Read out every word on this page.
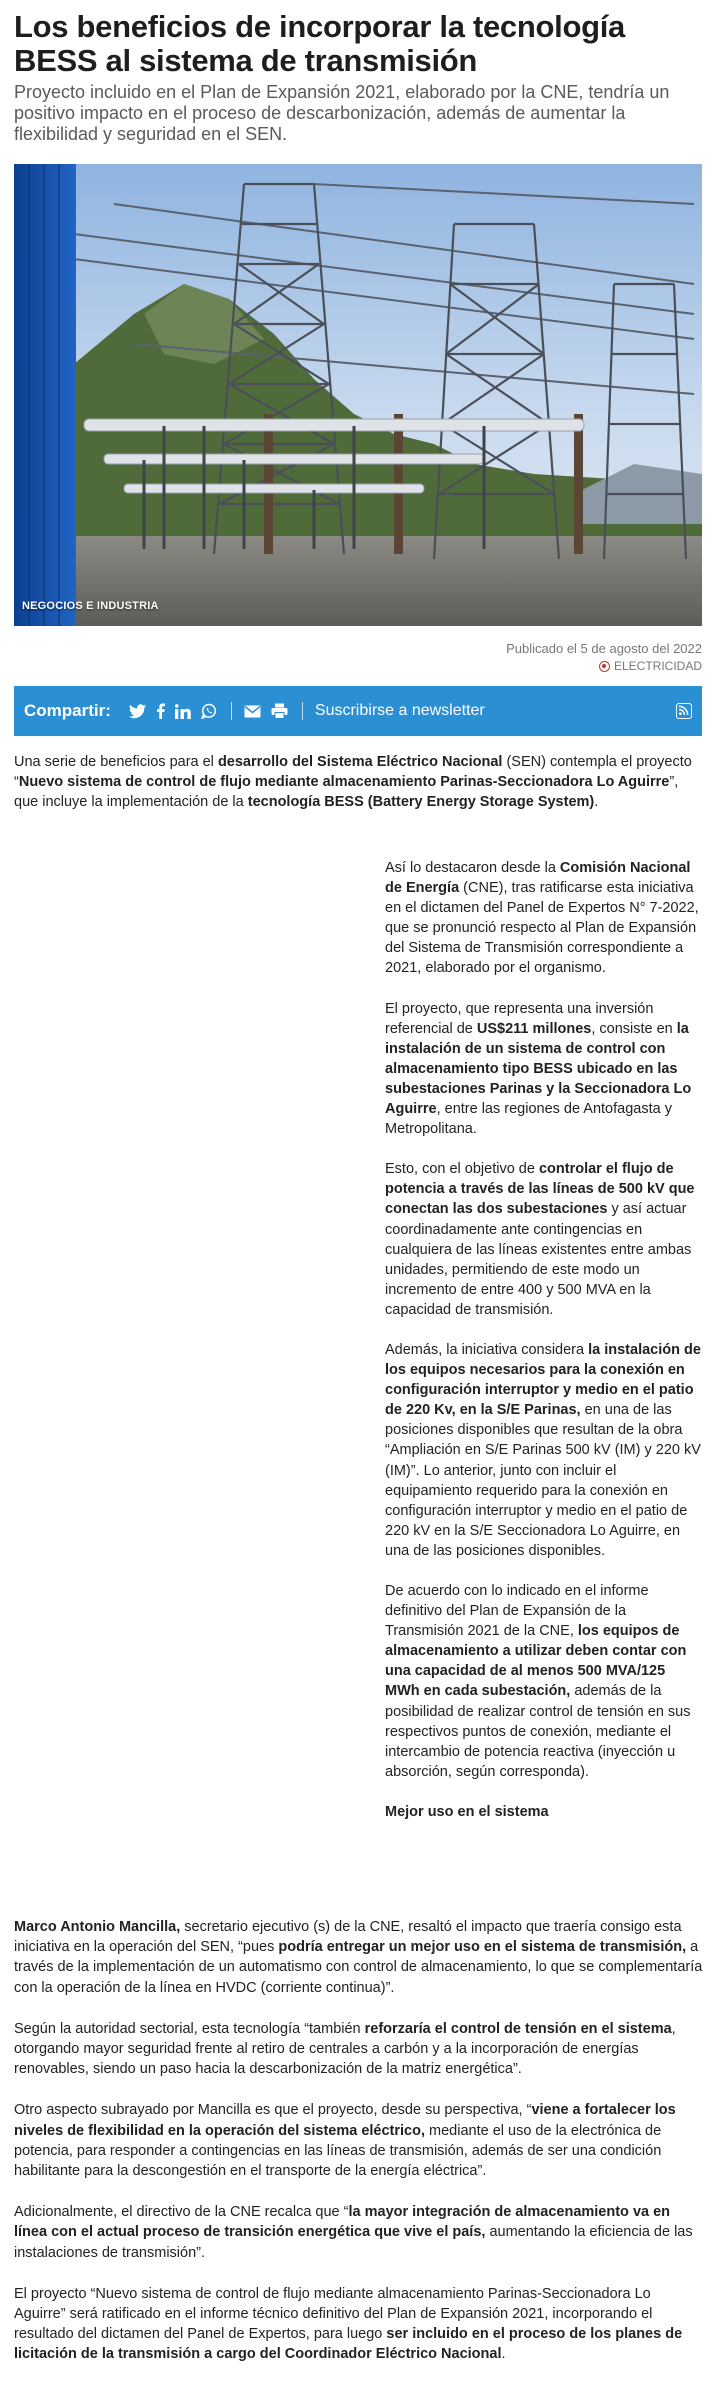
Los beneficios de incorporar la tecnología BESS al sistema de transmisión

Proyecto incluido en el Plan de Expansión 2021, elaborado por la CNE, tendría un positivo impacto en el proceso de descarbonización, además de aumentar la flexibilidad y seguridad en el SEN.

NEGOCIOS E INDUSTRIA
Publicado el 5 de agosto del 2022
ELECTRICIDAD
Compartir:	Suscribirse a newsletter

Una serie de beneficios para el desarrollo del Sistema Eléctrico Nacional (SEN) contempla el proyecto “Nuevo sistema de control de flujo mediante almacenamiento Parinas-Seccionadora Lo Aguirre”, que incluye la implementación de la tecnología BESS (Battery Energy Storage System).

Así lo destacaron desde la Comisión Nacional de Energía (CNE), tras ratificarse esta iniciativa en el dictamen del Panel de Expertos N° 7-2022, que se pronunció respecto al Plan de Expansión del Sistema de Transmisión correspondiente a 2021, elaborado por el organismo.

El proyecto, que representa una inversión referencial de US$211 millones, consiste en la instalación de un sistema de control con almacenamiento tipo BESS ubicado en las subestaciones Parinas y la Seccionadora Lo Aguirre, entre las regiones de Antofagasta y Metropolitana.

Esto, con el objetivo de controlar el flujo de potencia a través de las líneas de 500 kV que conectan las dos subestaciones y así actuar coordinadamente ante contingencias en cualquiera de las líneas existentes entre ambas unidades, permitiendo de este modo un incremento de entre 400 y 500 MVA en la capacidad de transmisión.

Además, la iniciativa considera la instalación de los equipos necesarios para la conexión en configuración interruptor y medio en el patio de 220 Kv, en la S/E Parinas, en una de las posiciones disponibles que resultan de la obra “Ampliación en S/E Parinas 500 kV (IM) y 220 kV (IM)”. Lo anterior, junto con incluir el equipamiento requerido para la conexión en configuración interruptor y medio en el patio de 220 kV en la S/E Seccionadora Lo Aguirre, en una de las posiciones disponibles.

De acuerdo con lo indicado en el informe definitivo del Plan de Expansión de la Transmisión 2021 de la CNE, los equipos de almacenamiento a utilizar deben contar con una capacidad de al menos 500 MVA/125 MWh en cada subestación, además de la posibilidad de realizar control de tensión en sus respectivos puntos de conexión, mediante el intercambio de potencia reactiva (inyección u absorción, según corresponda).

Mejor uso en el sistema

Marco Antonio Mancilla, secretario ejecutivo (s) de la CNE, resaltó el impacto que traería consigo esta iniciativa en la operación del SEN, “pues podría entregar un mejor uso en el sistema de transmisión, a través de la implementación de un automatismo con control de almacenamiento, lo que se complementaría con la operación de la línea en HVDC (corriente continua)”.

Según la autoridad sectorial, esta tecnología “también reforzaría el control de tensión en el sistema, otorgando mayor seguridad frente al retiro de centrales a carbón y a la incorporación de energías renovables, siendo un paso hacia la descarbonización de la matriz energética”.

Otro aspecto subrayado por Mancilla es que el proyecto, desde su perspectiva, “viene a fortalecer los niveles de flexibilidad en la operación del sistema eléctrico, mediante el uso de la electrónica de potencia, para responder a contingencias en las líneas de transmisión, además de ser una condición habilitante para la descongestión en el transporte de la energía eléctrica”.

Adicionalmente, el directivo de la CNE recalca que “la mayor integración de almacenamiento va en línea con el actual proceso de transición energética que vive el país, aumentando la eficiencia de las instalaciones de transmisión”.

El proyecto “Nuevo sistema de control de flujo mediante almacenamiento Parinas-Seccionadora Lo Aguirre” será ratificado en el informe técnico definitivo del Plan de Expansión 2021, incorporando el resultado del dictamen del Panel de Expertos, para luego ser incluido en el proceso de los planes de licitación de la transmisión a cargo del Coordinador Eléctrico Nacional.
